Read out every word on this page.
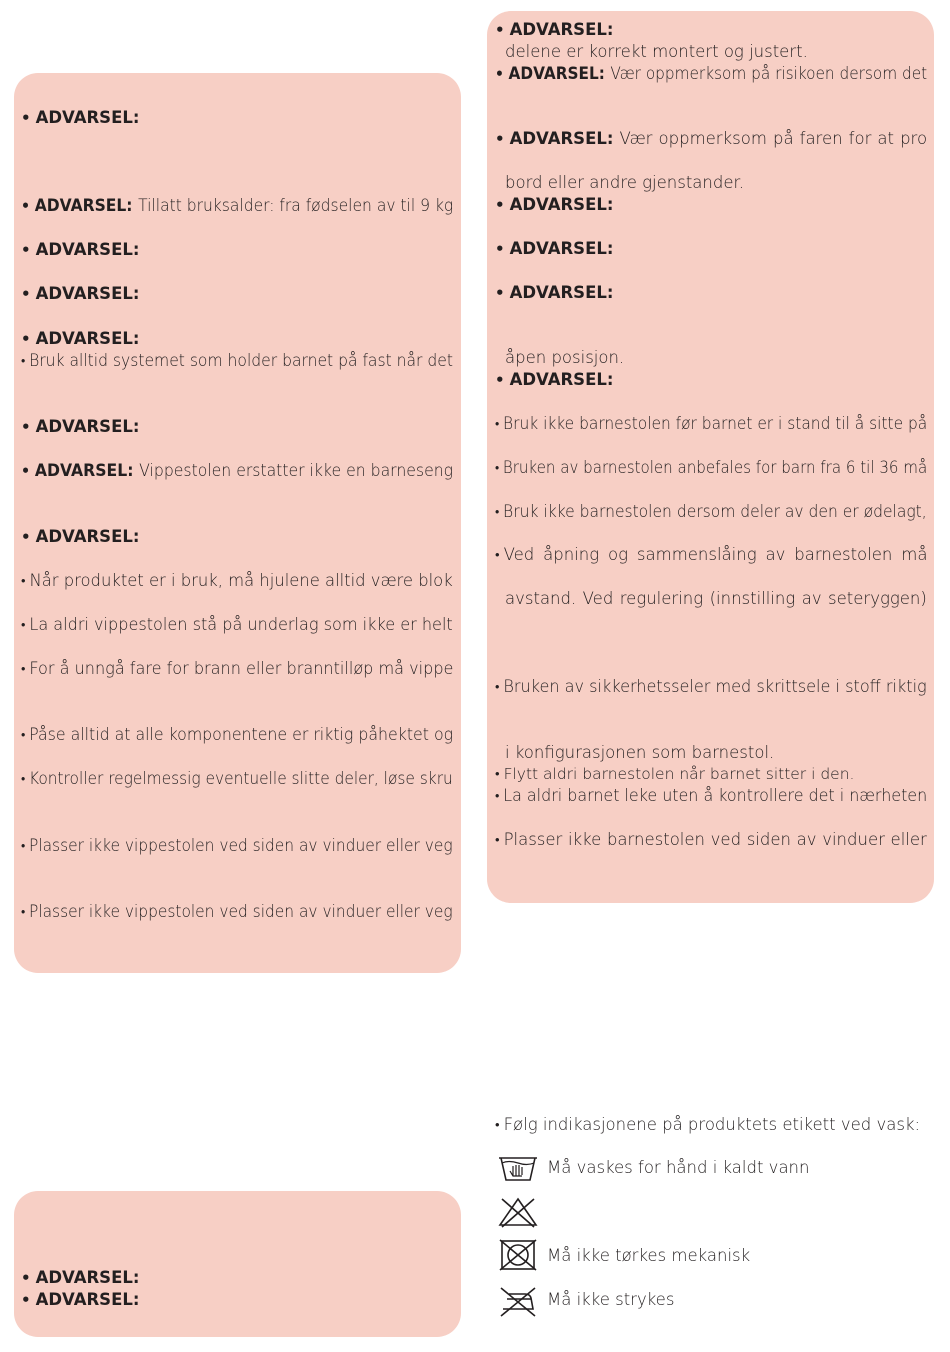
• ADVARSEL:
• ADVARSEL: Tillatt bruksalder: fra fødselen av til 9 kg
• ADVARSEL:
• ADVARSEL:
• ADVARSEL:
• Bruk alltid systemet som holder barnet på fast når det
• ADVARSEL:
• ADVARSEL: Vippestolen erstatter ikke en barneseng
• ADVARSEL:
• Når produktet er i bruk, må hjulene alltid være blok
• La aldri vippestolen stå på underlag som ikke er helt
• For å unngå fare for brann eller branntilløp må vippe
• Påse alltid at alle komponentene er riktig påhektet og
• Kontroller regelmessig eventuelle slitte deler, løse skru
• Plasser ikke vippestolen ved siden av vinduer eller veg
• Plasser ikke vippestolen ved siden av vinduer eller veg
• ADVARSEL:
delene er korrekt montert og justert.
• ADVARSEL: Vær oppmerksom på risikoen dersom det
• ADVARSEL: Vær oppmerksom på faren for at pro
bord eller andre gjenstander.
• ADVARSEL:
• ADVARSEL:
• ADVARSEL:
åpen posisjon.
• ADVARSEL:
• Bruk ikke barnestolen før barnet er i stand til å sitte på
• Bruken av barnestolen anbefales for barn fra 6 til 36 må
• Bruk ikke barnestolen dersom deler av den er ødelagt,
• Ved åpning og sammenslåing av barnestolen må
avstand. Ved regulering (innstilling av seteryggen)
• Bruken av sikkerhetsseler med skrittsele i stoff riktig
i konfigurasjonen som barnestol.
• Flytt aldri barnestolen når barnet sitter i den.
• La aldri barnet leke uten å kontrollere det i nærheten
• Plasser ikke barnestolen ved siden av vinduer eller
• ADVARSEL:
• ADVARSEL:
• Følg indikasjonene på produktets etikett ved vask:
Må vaskes for hånd i kaldt vann
Må ikke tørkes mekanisk
Må ikke strykes
